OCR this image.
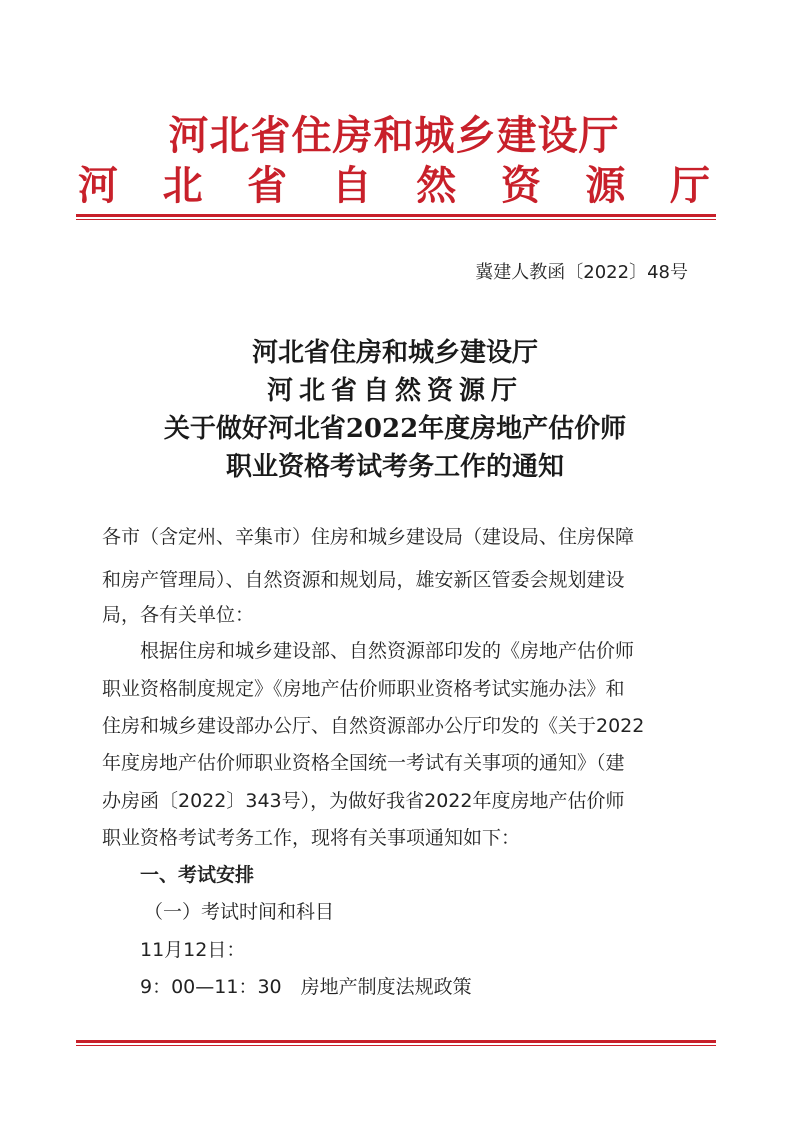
河北省住房和城乡建设厅
河 北 省 自 然 资 源 厅
冀建人教函〔2022〕48号
河北省住房和城乡建设厅
河北省自然资源厅
关于做好河北省2022年度房地产估价师
职业资格考试考务工作的通知
各市（含定州、辛集市）住房和城乡建设局（建设局、住房保障
和房产管理局）、自然资源和规划局，雄安新区管委会规划建设
局，各有关单位：
根据住房和城乡建设部、自然资源部印发的《房地产估价师
职业资格制度规定》《房地产估价师职业资格考试实施办法》和
住房和城乡建设部办公厅、自然资源部办公厅印发的《关于2022
年度房地产估价师职业资格全国统一考试有关事项的通知》（建
办房函〔2022〕343号），为做好我省2022年度房地产估价师
职业资格考试考务工作，现将有关事项通知如下：
一、考试安排
（一）考试时间和科目
11月12日：
9：00—11：30　房地产制度法规政策
